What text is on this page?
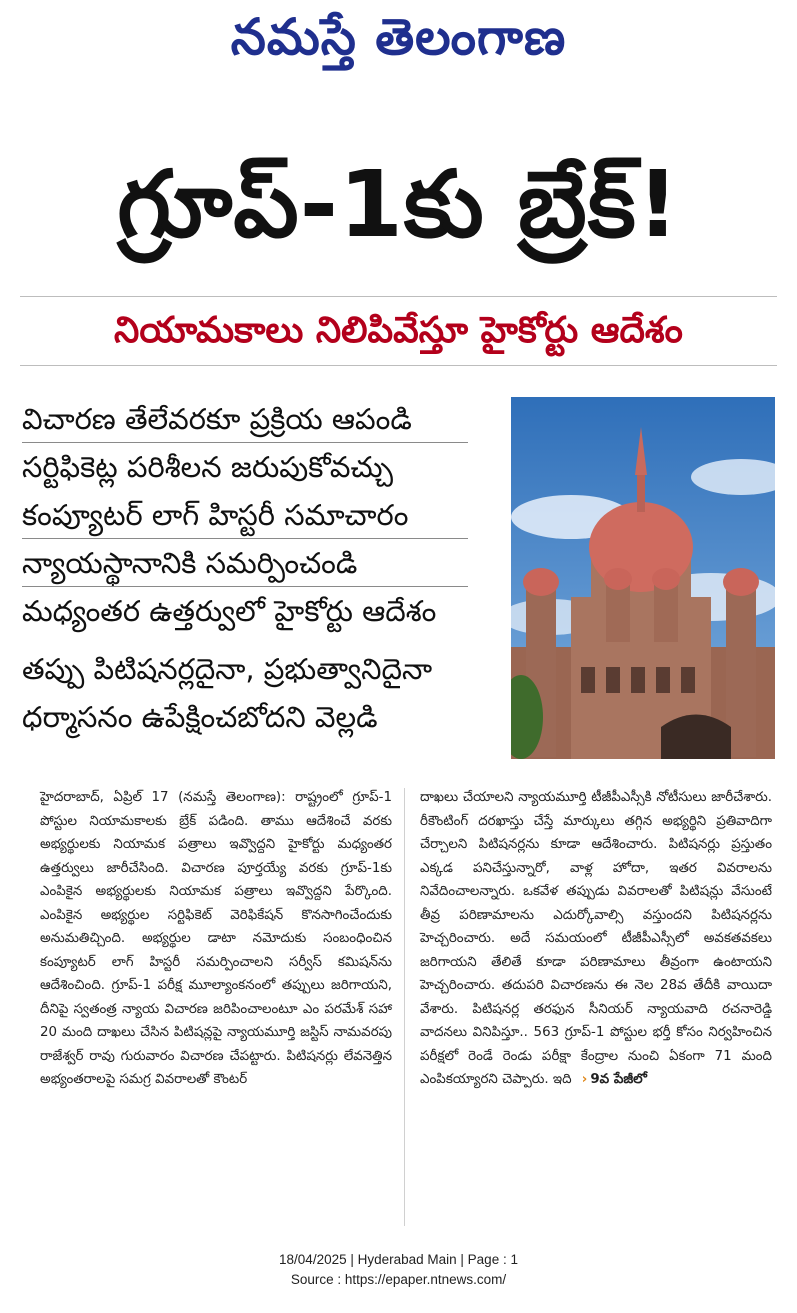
నమస్తే తెలంగాణ
గ్రూప్-1కు బ్రేక్!
నియామకాలు నిలిపివేస్తూ హైకోర్టు ఆదేశం
విచారణ తేలేవరకూ ప్రక్రియ ఆపండి
సర్టిఫికెట్ల పరిశీలన జరుపుకోవచ్చు
కంప్యూటర్ లాగ్ హిస్టరీ సమాచారం
న్యాయస్థానానికి సమర్పించండి
మధ్యంతర ఉత్తర్వులో హైకోర్టు ఆదేశం
తప్పు పిటిషనర్లదైనా, ప్రభుత్వానిదైనా
ధర్మాసనం ఉపేక్షించబోదని వెల్లడి
హైదరాబాద్, ఏప్రిల్ 17 (నమస్తే తెలంగాణ): రాష్ట్రంలో గ్రూప్-1 పోస్టుల నియామకాలకు బ్రేక్ పడింది. తాము ఆదేశించే వరకు అభ్యర్థులకు నియామక పత్రాలు ఇవ్వొద్దని హైకోర్టు మధ్యంతర ఉత్తర్వులు జారీచేసింది. విచారణ పూర్తయ్యే వరకు గ్రూప్-1కు ఎంపికైన అభ్యర్థులకు నియామక పత్రాలు ఇవ్వొద్దని పేర్కొంది. ఎంపికైన అభ్యర్థుల సర్టిఫికెట్ వెరిఫికేషన్ కొనసాగించేందుకు అనుమతిచ్చింది. అభ్యర్థుల డాటా నమోదుకు సంబంధించిన కంప్యూటర్ లాగ్ హిస్టరీ సమర్పించాలని సర్వీస్ కమిషన్‌ను ఆదేశించింది. గ్రూప్-1 పరీక్ష మూల్యాంకనంలో తప్పులు జరిగాయని, దీనిపై స్వతంత్ర న్యాయ విచారణ జరిపించాలంటూ ఎం పరమేశ్ సహా 20 మంది దాఖలు చేసిన పిటిషన్లపై న్యాయమూర్తి జస్టిస్ నామవరపు రాజేశ్వర్ రావు గురువారం విచారణ చేపట్టారు. పిటిషనర్లు లేవనెత్తిన అభ్యంతరాలపై సమగ్ర వివరాలతో కౌంటర్
దాఖలు చేయాలని న్యాయమూర్తి టీజీపీఎస్సీకి నోటీసులు జారీచేశారు. రీకౌంటింగ్ దరఖాస్తు చేస్తే మార్కులు తగ్గిన అభ్యర్థిని ప్రతివాదిగా చేర్చాలని పిటిషనర్లను కూడా ఆదేశించారు. పిటిషనర్లు ప్రస్తుతం ఎక్కడ పనిచేస్తున్నారో, వాళ్ల హోదా, ఇతర వివరాలను నివేదించాలన్నారు. ఒకవేళ తప్పుడు వివరాలతో పిటిషన్లు వేసుంటే తీవ్ర పరిణామాలను ఎదుర్కోవాల్సి వస్తుందని పిటిషనర్లను హెచ్చరించారు. అదే సమయంలో టీజీపీఎస్సీలో అవకతవకలు జరిగాయని తేలితే కూడా పరిణామాలు తీవ్రంగా ఉంటాయని హెచ్చరించారు. తదుపరి విచారణను ఈ నెల 28వ తేదీకి వాయిదా వేశారు. పిటిషనర్ల తరఫున సీనియర్ న్యాయవాది రచనారెడ్డి వాదనలు వినిపిస్తూ.. 563 గ్రూప్-1 పోస్టుల భర్తీ కోసం నిర్వహించిన పరీక్షలో రెండే రెండు పరీక్షా కేంద్రాల నుంచి ఏకంగా 71 మంది ఎంపికయ్యారని చెప్పారు. ఇది › 9వ పేజీలో
18/04/2025 | Hyderabad Main | Page : 1
Source : https://epaper.ntnews.com/
